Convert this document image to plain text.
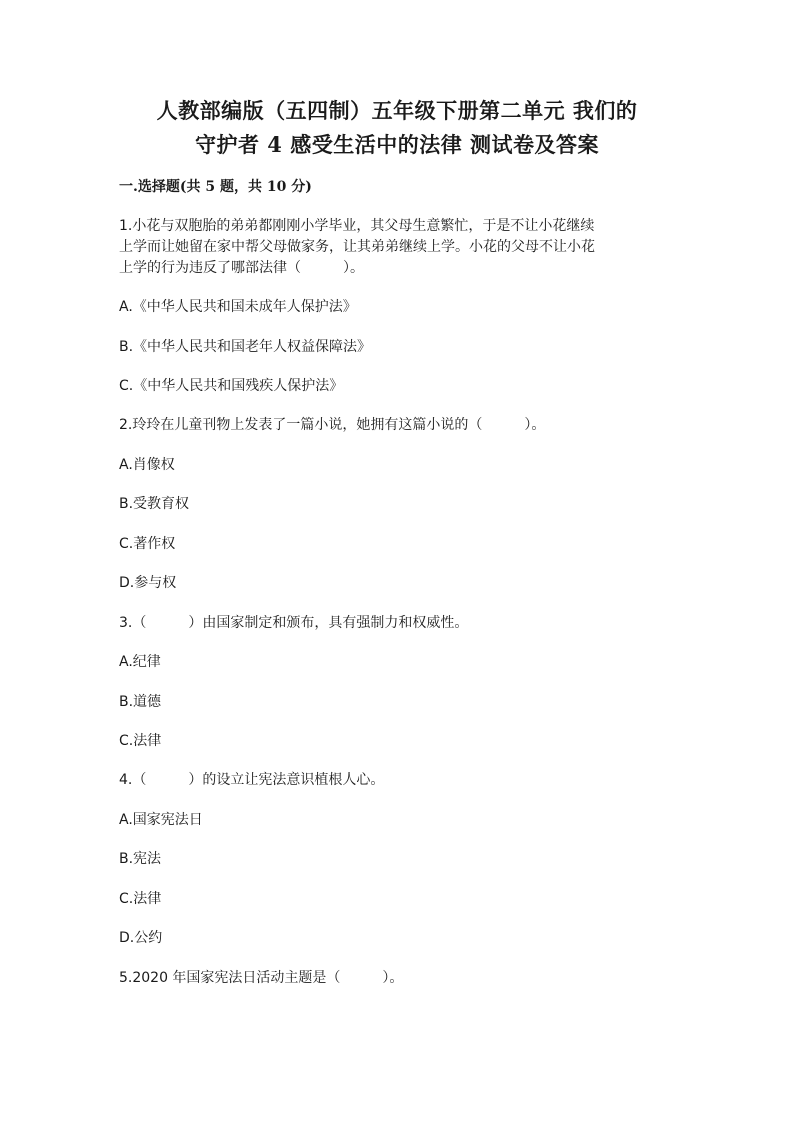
人教部编版（五四制）五年级下册第二单元 我们的
守护者 4 感受生活中的法律 测试卷及答案
一.选择题(共 5 题，共 10 分)
1.小花与双胞胎的弟弟都刚刚小学毕业，其父母生意繁忙，于是不让小花继续
上学而让她留在家中帮父母做家务，让其弟弟继续上学。小花的父母不让小花
上学的行为违反了哪部法律（　　　）。
A.《中华人民共和国未成年人保护法》
B.《中华人民共和国老年人权益保障法》
C.《中华人民共和国残疾人保护法》
2.玲玲在儿童刊物上发表了一篇小说，她拥有这篇小说的（　　　）。
A.肖像权
B.受教育权
C.著作权
D.参与权
3.（　　　）由国家制定和颁布，具有强制力和权威性。
A.纪律
B.道德
C.法律
4.（　　　）的设立让宪法意识植根人心。
A.国家宪法日
B.宪法
C.法律
D.公约
5.2020 年国家宪法日活动主题是（　　　）。
